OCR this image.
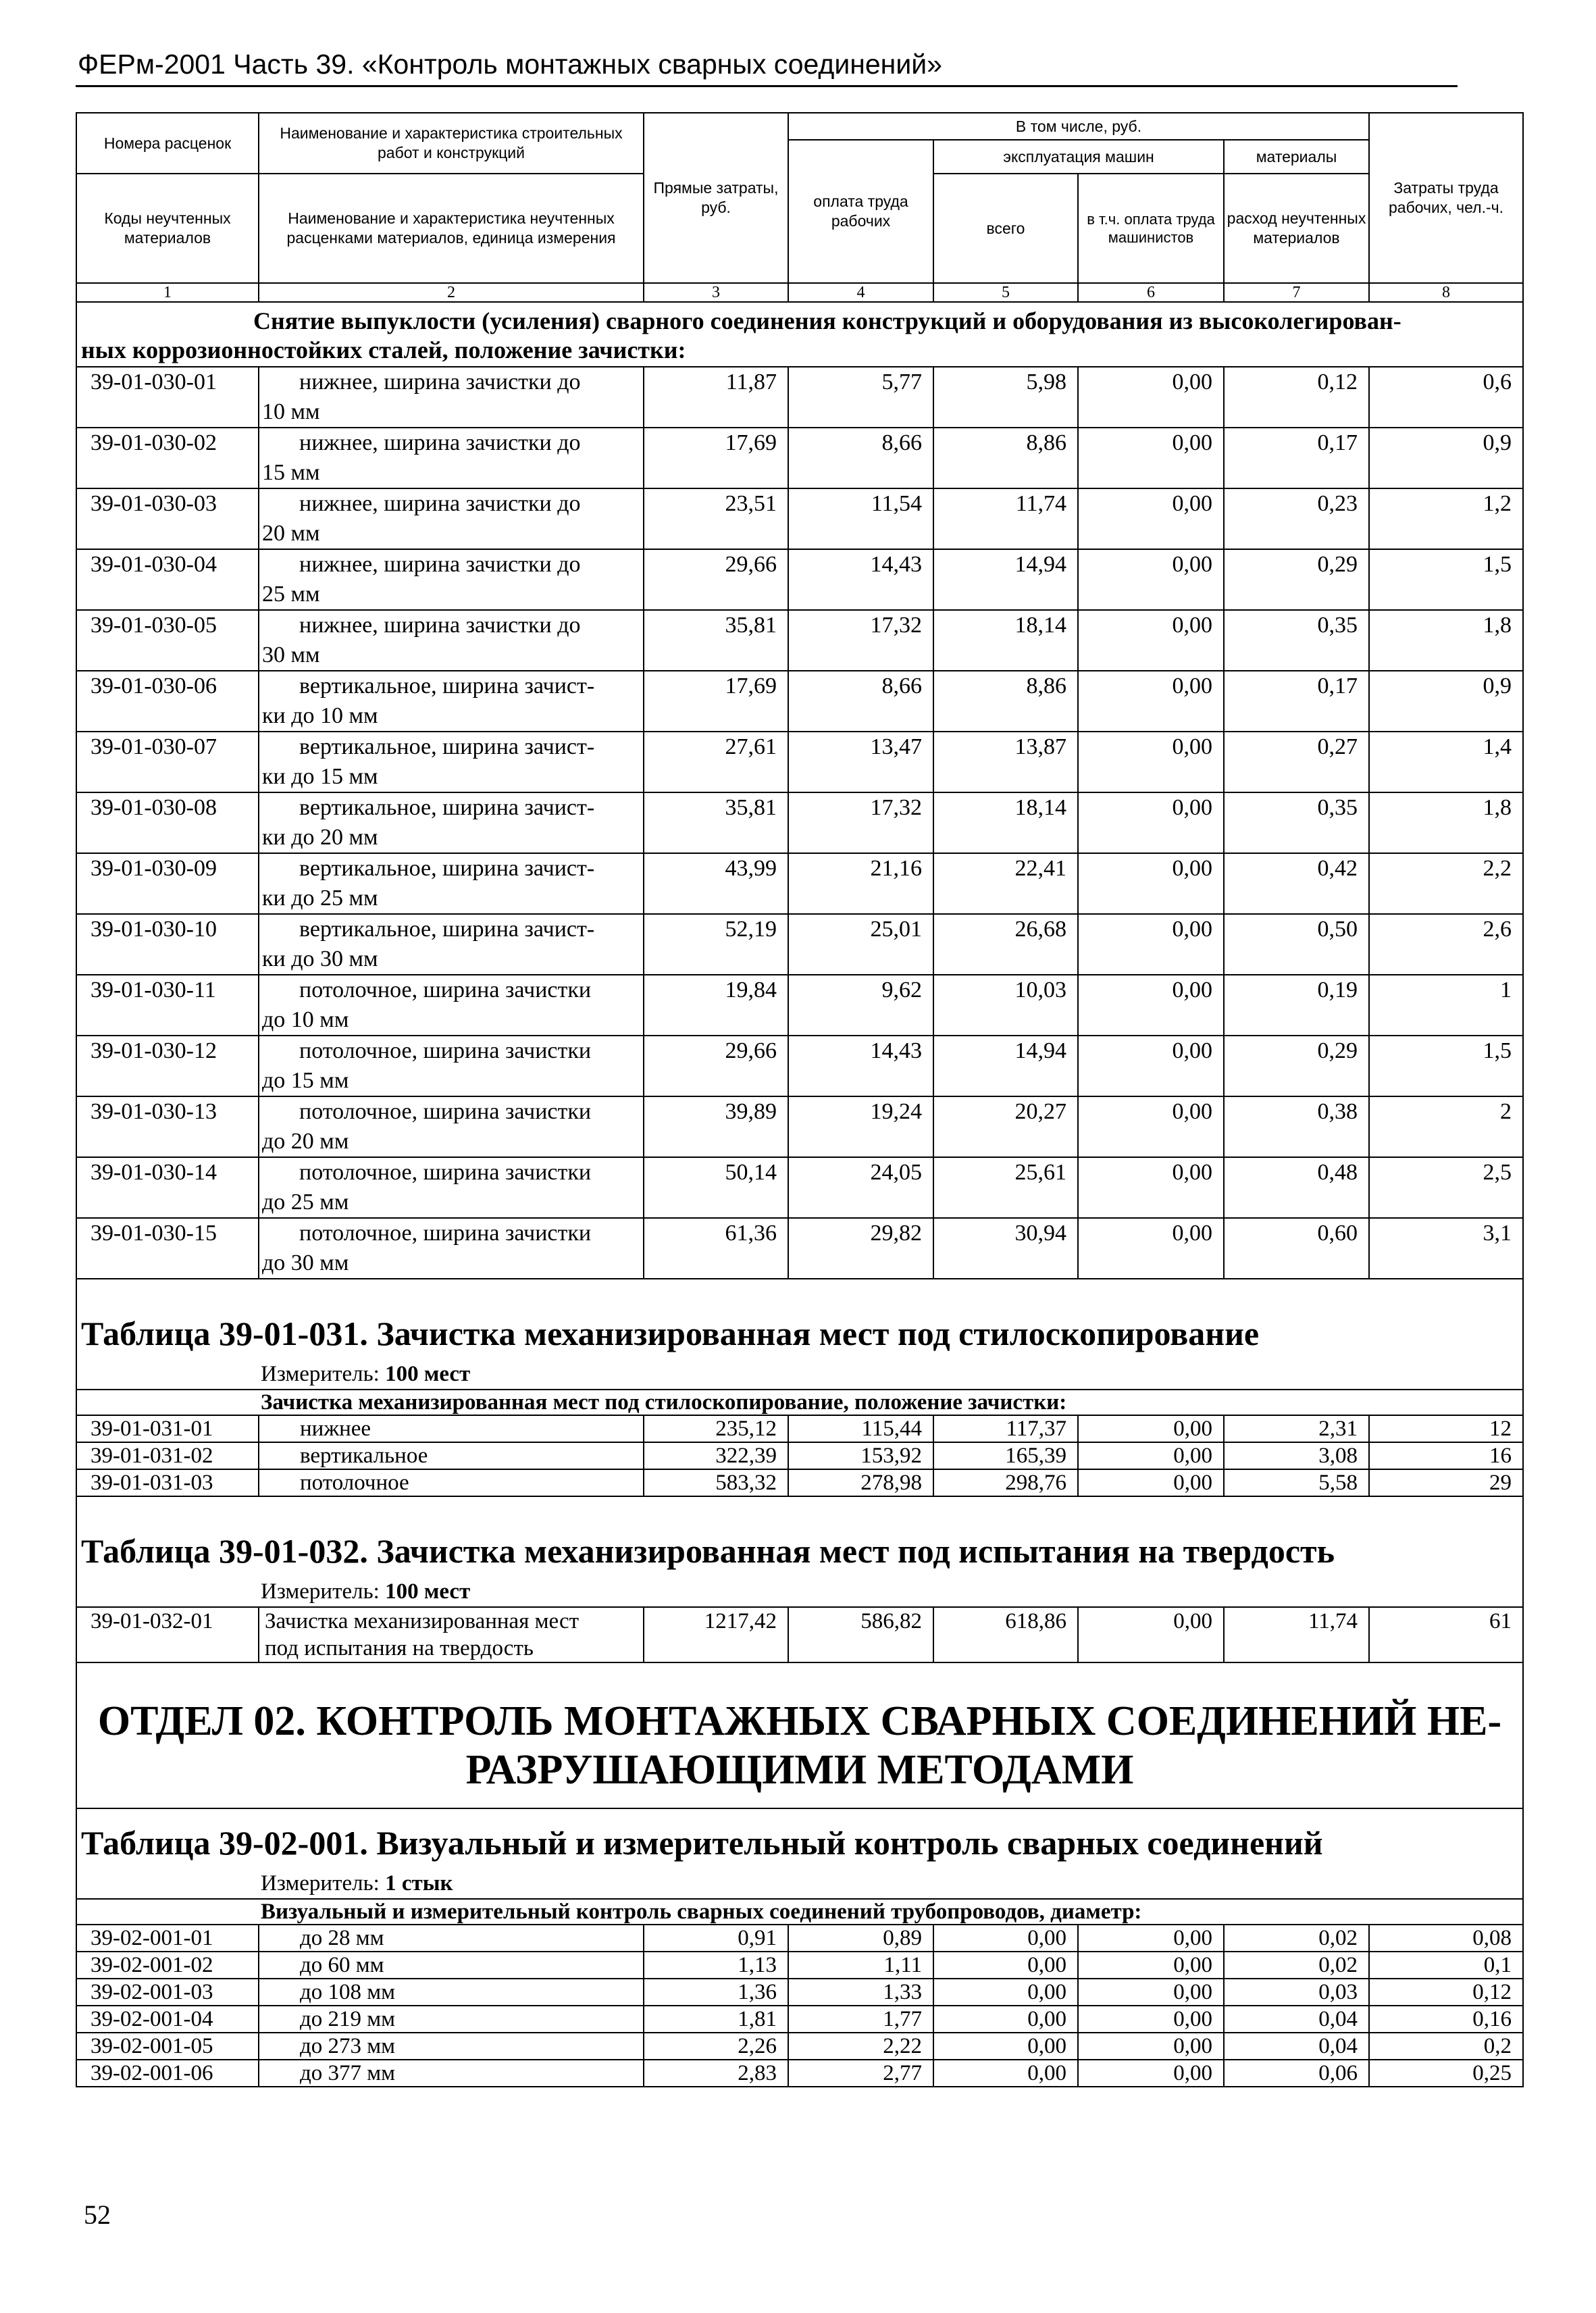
ФЕРм-2001 Часть 39. «Контроль монтажных сварных соединений»
Номера расценок	Наименование и характеристика строительных работ и конструкций	Прямые затраты, руб.	В том числе, руб.				Затраты труда рабочих, чел.-ч.
			оплата труда рабочих	эксплуатация машин		материалы	
Коды неучтенных материалов	Наименование и характеристика неучтенных расценками материалов, единица измерения			всего	в т.ч. оплата труда машинистов	расход неучтенных материалов	

1	2	3	4	5	6	7	8
Снятие выпуклости (усиления) сварного соединения конструкций и оборудования из высоколегирован-
ных коррозионностойких сталей, положение зачистки:							
39-01-030-01	нижнее, ширина зачистки до
10 мм	11,87	5,77	5,98	0,00	0,12	0,6
39-01-030-02	нижнее, ширина зачистки до
15 мм	17,69	8,66	8,86	0,00	0,17	0,9
39-01-030-03	нижнее, ширина зачистки до
20 мм	23,51	11,54	11,74	0,00	0,23	1,2
39-01-030-04	нижнее, ширина зачистки до
25 мм	29,66	14,43	14,94	0,00	0,29	1,5
39-01-030-05	нижнее, ширина зачистки до
30 мм	35,81	17,32	18,14	0,00	0,35	1,8
39-01-030-06	вертикальное, ширина зачист-
ки до 10 мм	17,69	8,66	8,86	0,00	0,17	0,9
39-01-030-07	вертикальное, ширина зачист-
ки до 15 мм	27,61	13,47	13,87	0,00	0,27	1,4
39-01-030-08	вертикальное, ширина зачист-
ки до 20 мм	35,81	17,32	18,14	0,00	0,35	1,8
39-01-030-09	вертикальное, ширина зачист-
ки до 25 мм	43,99	21,16	22,41	0,00	0,42	2,2
39-01-030-10	вертикальное, ширина зачист-
ки до 30 мм	52,19	25,01	26,68	0,00	0,50	2,6
39-01-030-11	потолочное, ширина зачистки
до 10 мм	19,84	9,62	10,03	0,00	0,19	1
39-01-030-12	потолочное, ширина зачистки
до 15 мм	29,66	14,43	14,94	0,00	0,29	1,5
39-01-030-13	потолочное, ширина зачистки
до 20 мм	39,89	19,24	20,27	0,00	0,38	2
39-01-030-14	потолочное, ширина зачистки
до 25 мм	50,14	24,05	25,61	0,00	0,48	2,5
39-01-030-15	потолочное, ширина зачистки
до 30 мм	61,36	29,82	30,94	0,00	0,60	3,1

Таблица 39-01-031. Зачистка механизированная мест под стилоскопирование							
Измеритель: 100 мест							
Зачистка механизированная мест под стилоскопирование, положение зачистки:							
39-01-031-01	нижнее	235,12	115,44	117,37	0,00	2,31	12
39-01-031-02	вертикальное	322,39	153,92	165,39	0,00	3,08	16
39-01-031-03	потолочное	583,32	278,98	298,76	0,00	5,58	29

Таблица 39-01-032. Зачистка механизированная мест под испытания на твердость							
Измеритель: 100 мест							
39-01-032-01	Зачистка механизированная мест
под испытания на твердость	1217,42	586,82	618,86	0,00	11,74	61
ОТДЕЛ 02. КОНТРОЛЬ МОНТАЖНЫХ СВАРНЫХ СОЕДИНЕНИЙ НЕ-
РАЗРУШАЮЩИМИ МЕТОДАМИ							
Таблица 39-02-001. Визуальный и измерительный контроль сварных соединений							
Измеритель: 1 стык							
Визуальный и измерительный контроль сварных соединений трубопроводов, диаметр:							
39-02-001-01	до 28 мм	0,91	0,89	0,00	0,00	0,02	0,08
39-02-001-02	до 60 мм	1,13	1,11	0,00	0,00	0,02	0,1
39-02-001-03	до 108 мм	1,36	1,33	0,00	0,00	0,03	0,12
39-02-001-04	до 219 мм	1,81	1,77	0,00	0,00	0,04	0,16
39-02-001-05	до 273 мм	2,26	2,22	0,00	0,00	0,04	0,2
39-02-001-06	до 377 мм	2,83	2,77	0,00	0,00	0,06	0,25
52
